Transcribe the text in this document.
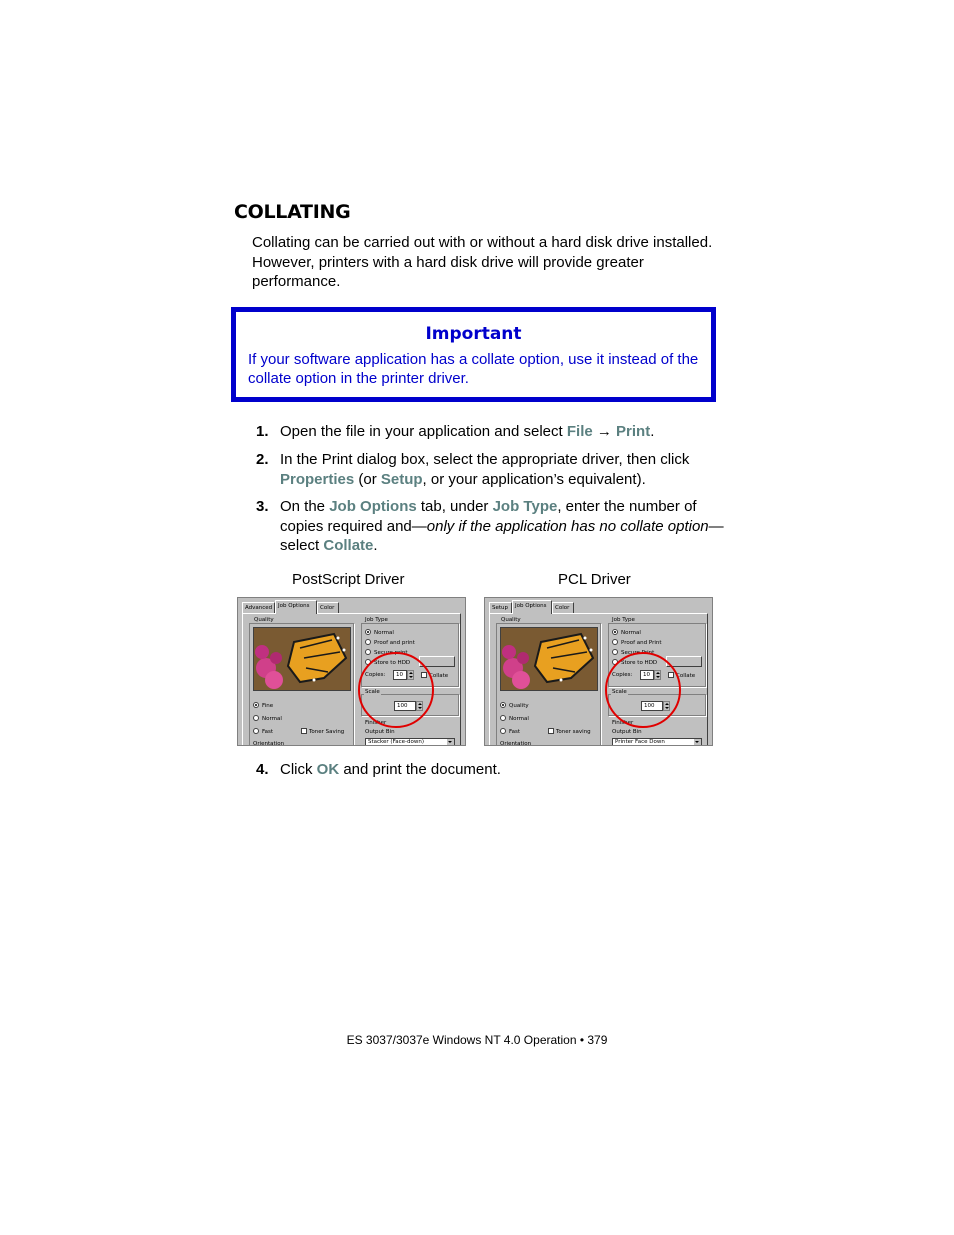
COLLATING

Collating can be carried out with or without a hard disk drive installed. However, printers with a hard disk drive will provide greater performance.

Important
If your software application has a collate option, use it instead of the collate option in the printer driver.
1. Open the file in your application and select File → Print.
2. In the Print dialog box, select the appropriate driver, then click Properties (or Setup, or your application’s equivalent).
3. On the Job Options tab, under Job Type, enter the number of copies required and—only if the application has no collate option—select Collate.
PostScript Driver	PCL Driver
Advanced	Job Options	Color
Quality
Fine
Normal
Fast	Toner Saving
Job Type
Normal
Proof and print
Secure print
Store to HDD
Copies:	10	Collate
Scale
100
Finisher
Output Bin
Stacker (Face-down)
Orientation
Setup	Job Options	Color
Quality
Quality
Normal
Fast	Toner saving
Job Type
Normal
Proof and Print
Secure Print
Store to HDD
Copies:	10	Collate
Scale
100
Finisher
Output Bin
Printer Face Down
Orientation
4. Click OK and print the document.
ES 3037/3037e Windows NT 4.0 Operation • 379
